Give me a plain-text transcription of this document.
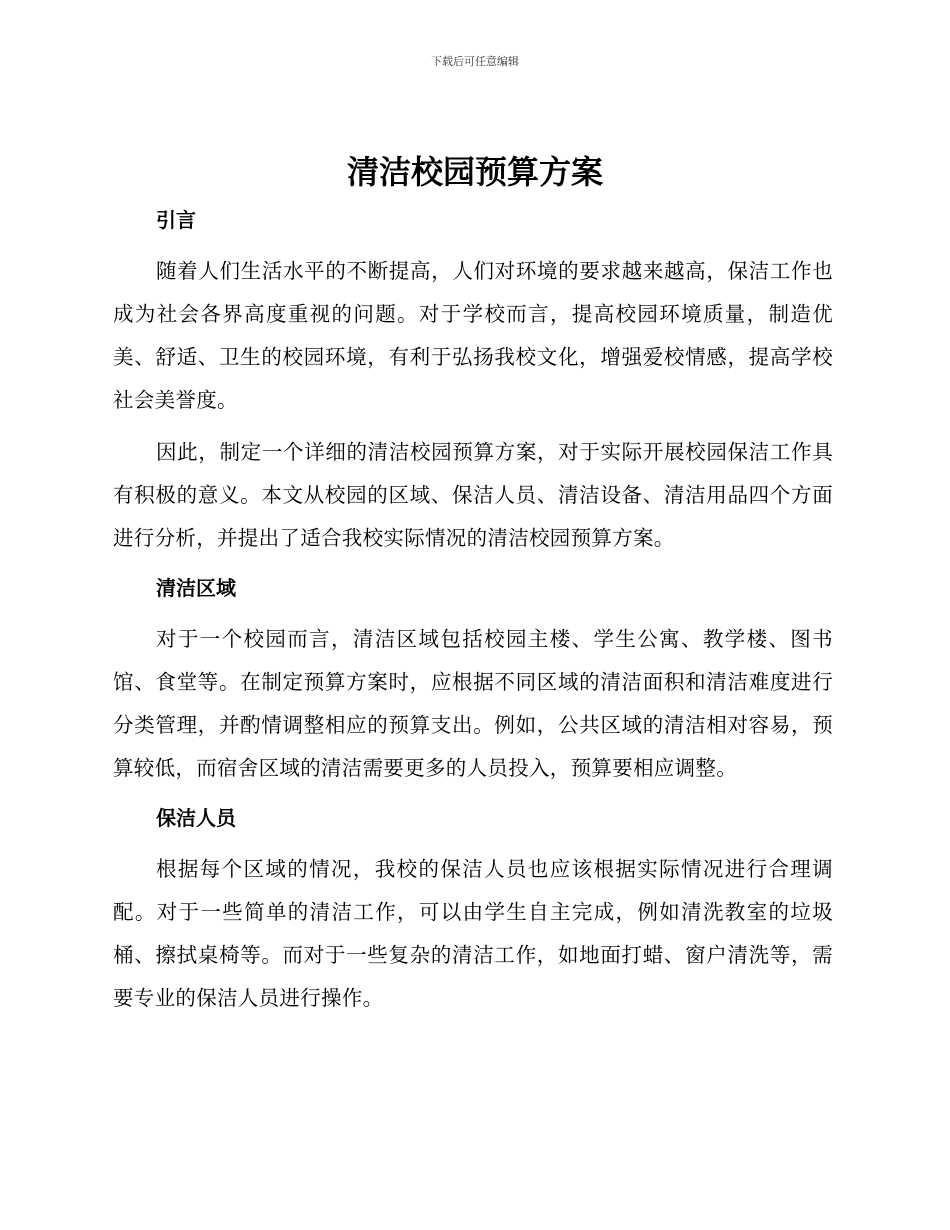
下载后可任意编辑
清洁校园预算方案
引言

随着人们生活水平的不断提高，人们对环境的要求越来越高，保洁工作也成为社会各界高度重视的问题。对于学校而言，提高校园环境质量，制造优美、舒适、卫生的校园环境，有利于弘扬我校文化，增强爱校情感，提高学校社会美誉度。

因此，制定一个详细的清洁校园预算方案，对于实际开展校园保洁工作具有积极的意义。本文从校园的区域、保洁人员、清洁设备、清洁用品四个方面进行分析，并提出了适合我校实际情况的清洁校园预算方案。

清洁区域

对于一个校园而言，清洁区域包括校园主楼、学生公寓、教学楼、图书馆、食堂等。在制定预算方案时，应根据不同区域的清洁面积和清洁难度进行分类管理，并酌情调整相应的预算支出。例如，公共区域的清洁相对容易，预算较低，而宿舍区域的清洁需要更多的人员投入，预算要相应调整。

保洁人员

根据每个区域的情况，我校的保洁人员也应该根据实际情况进行合理调配。对于一些简单的清洁工作，可以由学生自主完成，例如清洗教室的垃圾桶、擦拭桌椅等。而对于一些复杂的清洁工作，如地面打蜡、窗户清洗等，需要专业的保洁人员进行操作。
